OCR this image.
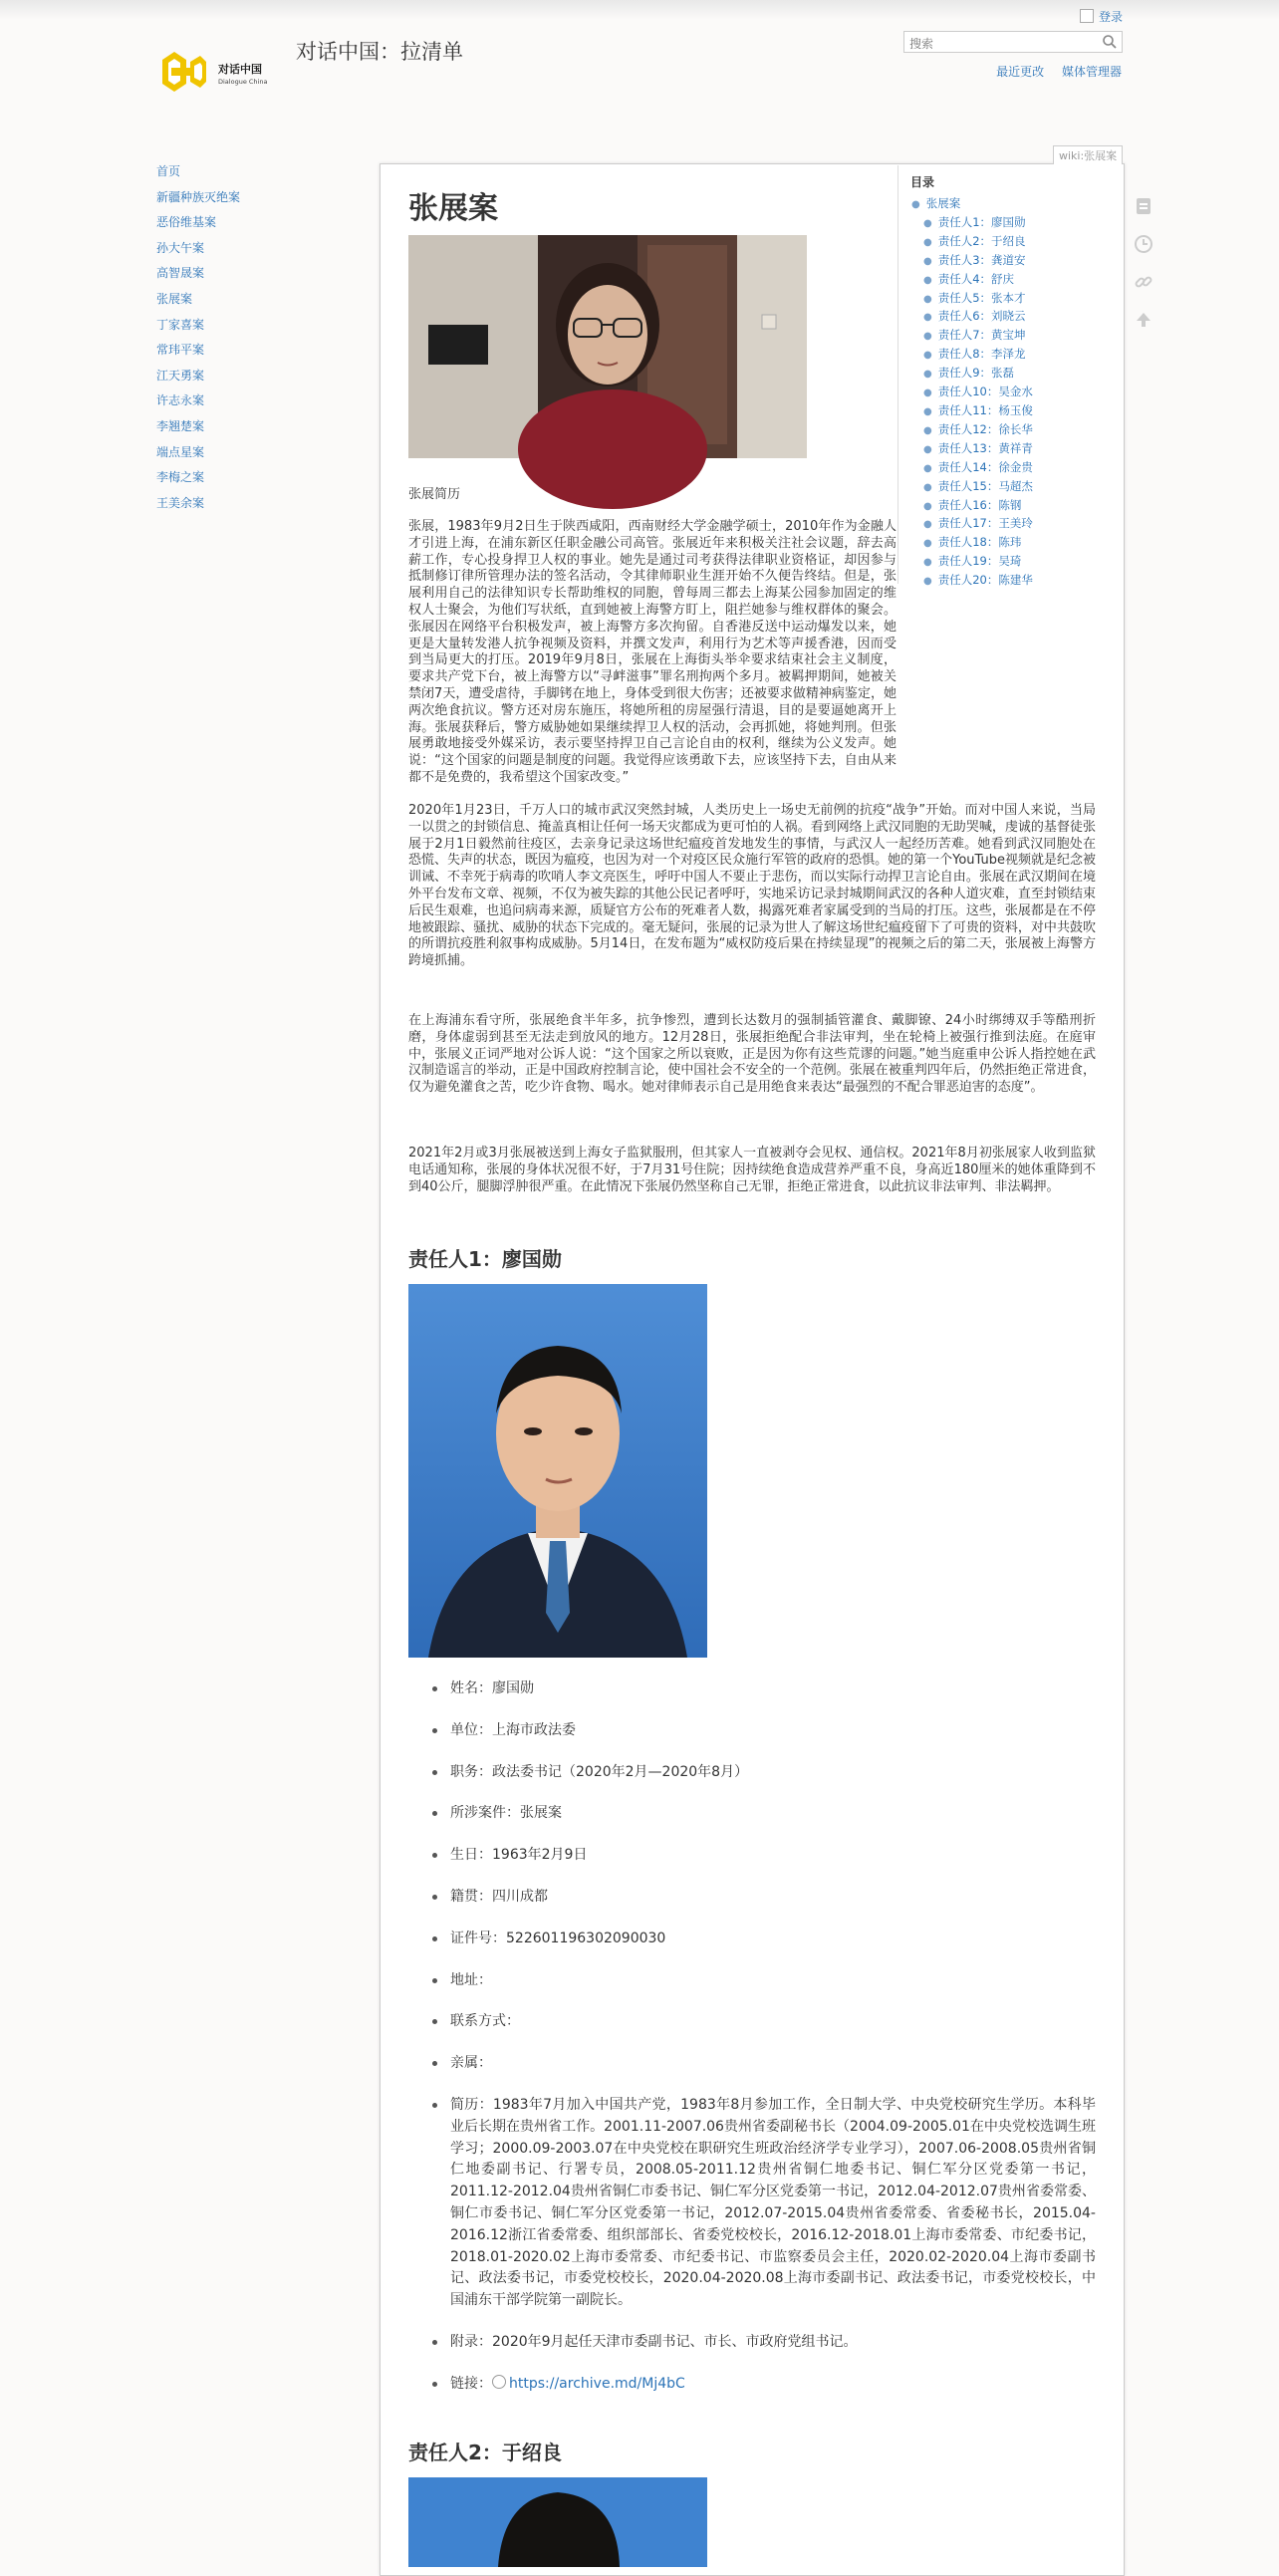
登录
对话中国
Dialogue China
对话中国：拉清单
搜索
最近更改 媒体管理器
首页
新疆种族灭绝案
恶俗维基案
孙大午案
高智晟案
张展案
丁家喜案
常玮平案
江天勇案
许志永案
李翘楚案
端点星案
李梅之案
王美余案
wiki:张展案
目录
● 张展案
● 责任人1：廖国勋
● 责任人2：于绍良
● 责任人3：龚道安
● 责任人4：舒庆
● 责任人5：张本才
● 责任人6：刘晓云
● 责任人7：黄宝坤
● 责任人8：李泽龙
● 责任人9：张磊
● 责任人10：吴金水
● 责任人11：杨玉俊
● 责任人12：徐长华
● 责任人13：黄祥青
● 责任人14：徐金贵
● 责任人15：马超杰
● 责任人16：陈钢
● 责任人17：王美玲
● 责任人18：陈玮
● 责任人19：吴琦
● 责任人20：陈建华
张展案
张展简历

张展，1983年9月2日生于陕西咸阳，西南财经大学金融学硕士，2010年作为金融人才引进上海，在浦东新区任职金融公司高管。张展近年来积极关注社会议题，辞去高薪工作，专心投身捍卫人权的事业。她先是通过司考获得法律职业资格证，却因参与抵制修订律所管理办法的签名活动，令其律师职业生涯开始不久便告终结。但是，张展利用自己的法律知识专长帮助维权的同胞，曾每周三都去上海某公园参加固定的维权人士聚会，为他们写状纸，直到她被上海警方盯上，阻拦她参与维权群体的聚会。张展因在网络平台积极发声，被上海警方多次拘留。自香港反送中运动爆发以来，她更是大量转发港人抗争视频及资料，并撰文发声，利用行为艺术等声援香港，因而受到当局更大的打压。2019年9月8日，张展在上海街头举伞要求结束社会主义制度，要求共产党下台，被上海警方以“寻衅滋事”罪名刑拘两个多月。被羁押期间，她被关禁闭7天，遭受虐待，手脚铐在地上，身体受到很大伤害；还被要求做精神病鉴定，她两次绝食抗议。警方还对房东施压，将她所租的房屋强行清退，目的是要逼她离开上海。张展获释后，警方威胁她如果继续捍卫人权的活动，会再抓她，将她判刑。但张展勇敢地接受外媒采访，表示要坚持捍卫自己言论自由的权利，继续为公义发声。她说：“这个国家的问题是制度的问题。我觉得应该勇敢下去，应该坚持下去，自由从来都不是免费的，我希望这个国家改变。”

2020年1月23日，千万人口的城市武汉突然封城，人类历史上一场史无前例的抗疫“战争”开始。而对中国人来说，当局一以贯之的封锁信息、掩盖真相让任何一场天灾都成为更可怕的人祸。看到网络上武汉同胞的无助哭喊，虔诚的基督徒张展于2月1日毅然前往疫区，去亲身记录这场世纪瘟疫首发地发生的事情，与武汉人一起经历苦难。她看到武汉同胞处在恐慌、失声的状态，既因为瘟疫，也因为对一个对疫区民众施行军管的政府的恐惧。她的第一个YouTube视频就是纪念被训诫、不幸死于病毒的吹哨人李文亮医生，呼吁中国人不要止于悲伤，而以实际行动捍卫言论自由。张展在武汉期间在境外平台发布文章、视频，不仅为被失踪的其他公民记者呼吁，实地采访记录封城期间武汉的各种人道灾难，直至封锁结束后民生艰难，也追问病毒来源，质疑官方公布的死难者人数，揭露死难者家属受到的当局的打压。这些，张展都是在不停地被跟踪、骚扰、威胁的状态下完成的。毫无疑问，张展的记录为世人了解这场世纪瘟疫留下了可贵的资料，对中共鼓吹的所谓抗疫胜利叙事构成威胁。5月14日，在发布题为“威权防疫后果在持续显现”的视频之后的第二天，张展被上海警方跨境抓捕。

在上海浦东看守所，张展绝食半年多，抗争惨烈，遭到长达数月的强制插管灌食、戴脚镣、24小时绑缚双手等酷刑折磨，身体虚弱到甚至无法走到放风的地方。12月28日，张展拒绝配合非法审判，坐在轮椅上被强行推到法庭。在庭审中，张展义正词严地对公诉人说：“这个国家之所以衰败，正是因为你有这些荒谬的问题。”她当庭重申公诉人指控她在武汉制造谣言的举动，正是中国政府控制言论，使中国社会不安全的一个范例。张展在被重判四年后，仍然拒绝正常进食，仅为避免灌食之苦，吃少许食物、喝水。她对律师表示自己是用绝食来表达“最强烈的不配合罪恶迫害的态度”。

2021年2月或3月张展被送到上海女子监狱服刑，但其家人一直被剥夺会见权、通信权。2021年8月初张展家人收到监狱电话通知称，张展的身体状况很不好，于7月31号住院；因持续绝食造成营养严重不良，身高近180厘米的她体重降到不到40公斤，腿脚浮肿很严重。在此情况下张展仍然坚称自己无罪，拒绝正常进食，以此抗议非法审判、非法羁押。

责任人1：廖国勋
姓名：廖国勋
单位：上海市政法委
职务：政法委书记（2020年2月—2020年8月）
所涉案件：张展案
生日：1963年2月9日
籍贯：四川成都
证件号：522601196302090030
地址：
联系方式：
亲属：
简历：1983年7月加入中国共产党，1983年8月参加工作，全日制大学、中央党校研究生学历。本科毕业后长期在贵州省工作。2001.11-2007.06贵州省委副秘书长（2004.09-2005.01在中央党校选调生班学习；2000.09-2003.07在中央党校在职研究生班政治经济学专业学习），2007.06-2008.05贵州省铜仁地委副书记、行署专员，2008.05-2011.12贵州省铜仁地委书记、铜仁军分区党委第一书记，2011.12-2012.04贵州省铜仁市委书记、铜仁军分区党委第一书记，2012.04-2012.07贵州省委常委、铜仁市委书记、铜仁军分区党委第一书记，2012.07-2015.04贵州省委常委、省委秘书长，2015.04-2016.12浙江省委常委、组织部部长、省委党校校长，2016.12-2018.01上海市委常委、市纪委书记，2018.01-2020.02上海市委常委、市纪委书记、市监察委员会主任，2020.02-2020.04上海市委副书记、政法委书记，市委党校校长，2020.04-2020.08上海市委副书记、政法委书记，市委党校校长，中国浦东干部学院第一副院长。
附录：2020年9月起任天津市委副书记、市长、市政府党组书记。
链接： https://archive.md/Mj4bC
责任人2：于绍良
